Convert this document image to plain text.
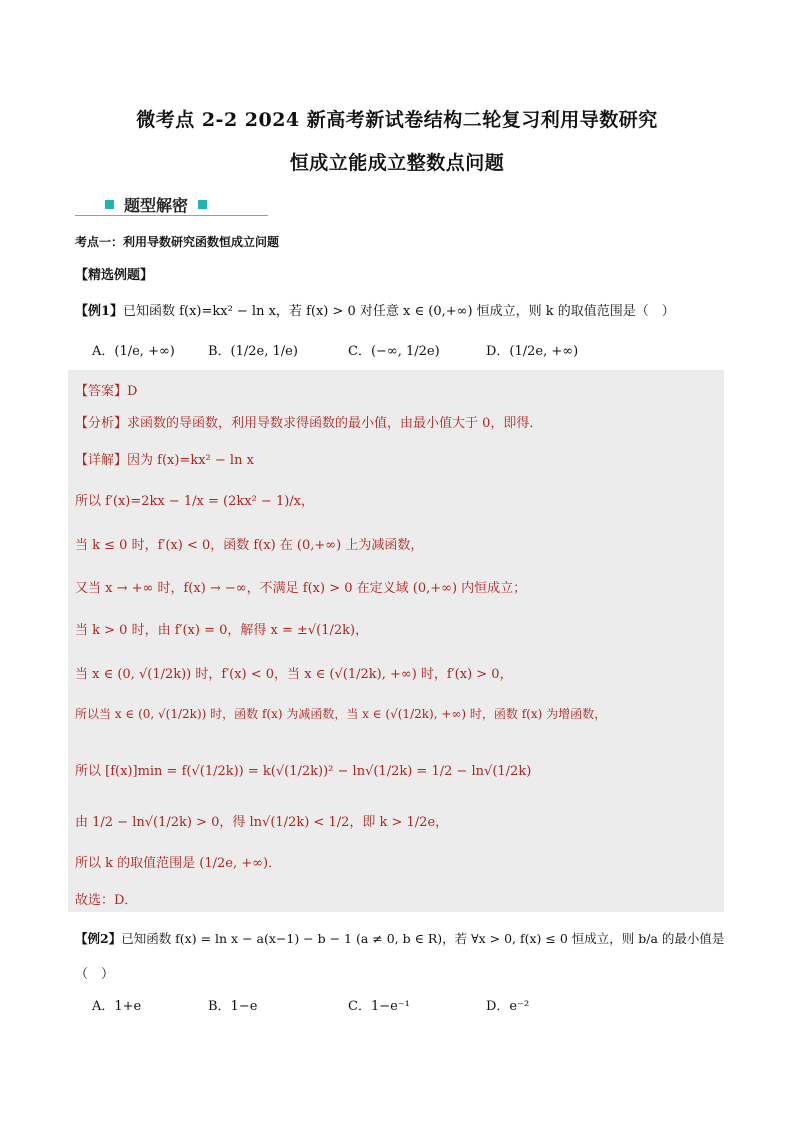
微考点 2-2 2024 新高考新试卷结构二轮复习利用导数研究
恒成立能成立整数点问题
题型解密
考点一：利用导数研究函数恒成立问题
【精选例题】
【例1】已知函数 f(x)=kx² − ln x，若 f(x) > 0 对任意 x ∈ (0,+∞) 恒成立，则 k 的取值范围是（　）
A．(1/e, +∞)	B．(1/2e, 1/e)	C．(−∞, 1/2e)	D．(1/2e, +∞)
【答案】D
【分析】求函数的导函数，利用导数求得函数的最小值，由最小值大于 0，即得．
【详解】因为 f(x)=kx² − ln x
所以 f′(x)=2kx − 1/x = (2kx² − 1)/x，
当 k ≤ 0 时，f′(x) < 0，函数 f(x) 在 (0,+∞) 上为减函数，
又当 x → +∞ 时，f(x) → −∞，不满足 f(x) > 0 在定义域 (0,+∞) 内恒成立；
当 k > 0 时，由 f′(x) = 0，解得 x = ±√(1/2k)，
当 x ∈ (0, √(1/2k)) 时，f′(x) < 0，当 x ∈ (√(1/2k), +∞) 时，f′(x) > 0，
所以当 x ∈ (0, √(1/2k)) 时，函数 f(x) 为减函数，当 x ∈ (√(1/2k), +∞) 时，函数 f(x) 为增函数，
所以 [f(x)]min = f(√(1/2k)) = k(√(1/2k))² − ln√(1/2k) = 1/2 − ln√(1/2k)
由 1/2 − ln√(1/2k) > 0，得 ln√(1/2k) < 1/2，即 k > 1/2e，
所以 k 的取值范围是 (1/2e, +∞)．
故选：D．
【例2】已知函数 f(x) = ln x − a(x−1) − b − 1 (a ≠ 0, b ∈ R)，若 ∀x > 0, f(x) ≤ 0 恒成立，则 b/a 的最小值是
（　）
A．1+e	B．1−e	C．1−e⁻¹	D．e⁻²
